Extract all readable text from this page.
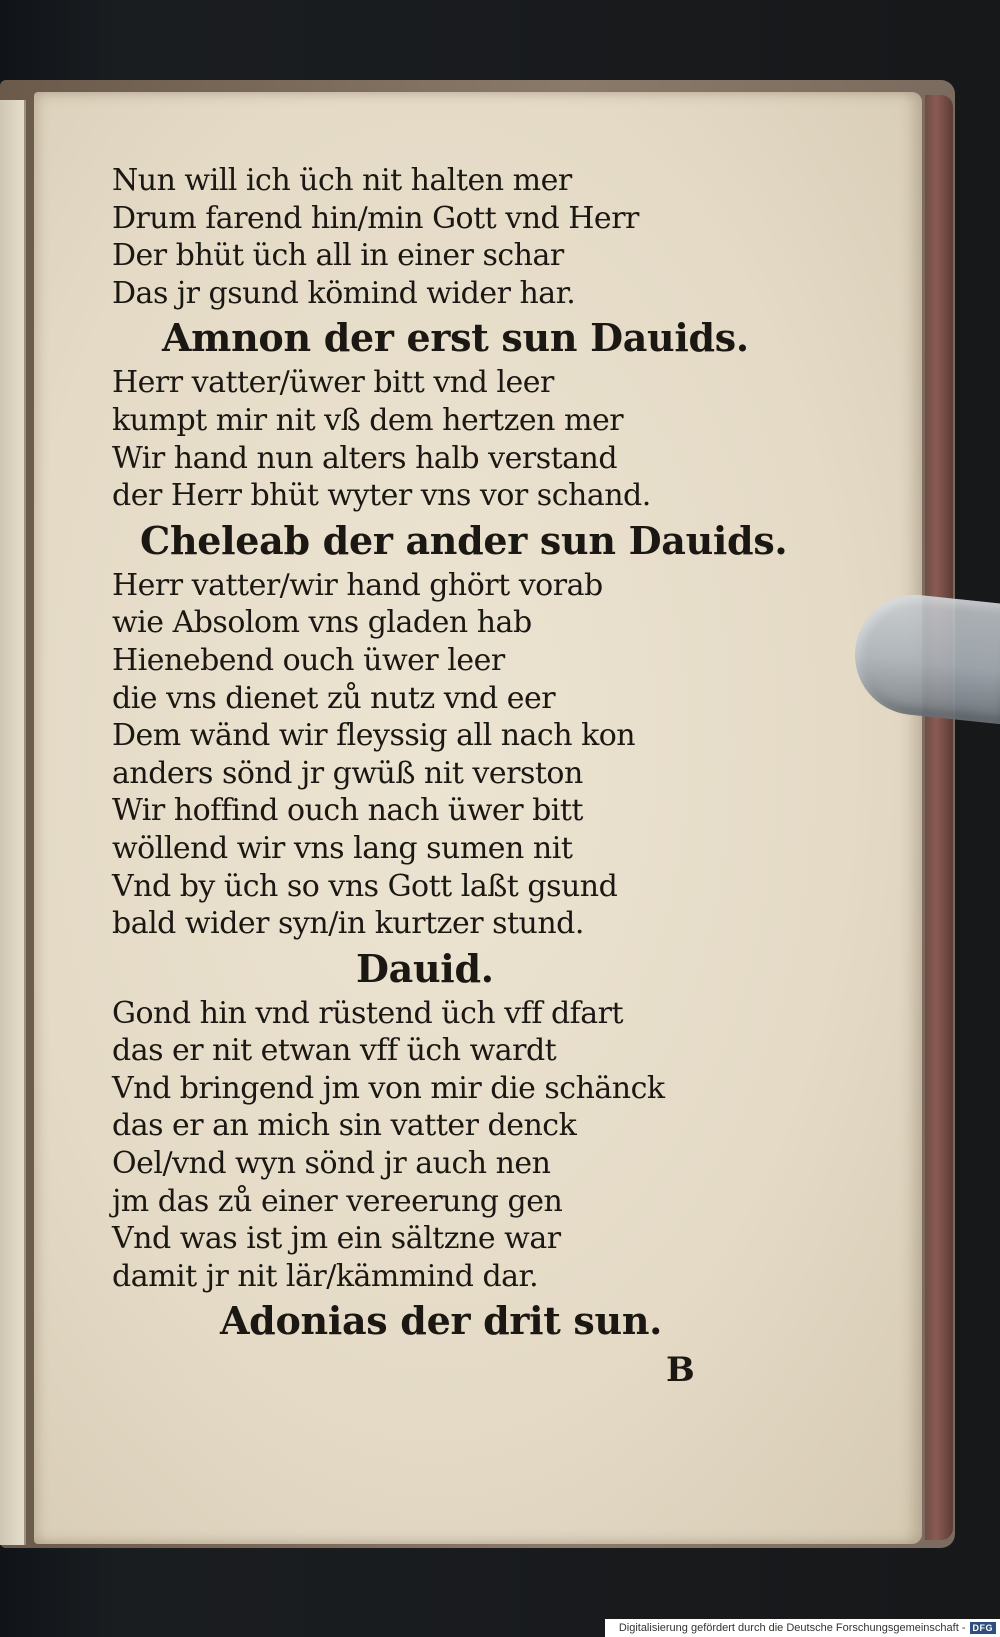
Nun will ich üch nit halten mer
Drum farend hin/min Gott vnd Herr
Der bhüt üch all in einer schar
Das jr gsund kömind wider har.
Amnon der erst sun Dauids.
Herr vatter/üwer bitt vnd leer
kumpt mir nit vß dem hertzen mer
Wir hand nun alters halb verstand
der Herr bhüt wyter vns vor schand.
Cheleab der ander sun Dauids.
Herr vatter/wir hand ghört vorab
wie Absolom vns gladen hab
Hienebend ouch üwer leer
die vns dienet zů nutz vnd eer
Dem wänd wir fleyssig all nach kon
anders sönd jr gwüß nit verston
Wir hoffind ouch nach üwer bitt
wöllend wir vns lang sumen nit
Vnd by üch so vns Gott laßt gsund
bald wider syn/in kurtzer stund.
Dauid.
Gond hin vnd rüstend üch vff dfart
das er nit etwan vff üch wardt
Vnd bringend jm von mir die schänck
das er an mich sin vatter denck
Oel/vnd wyn sönd jr auch nen
jm das zů einer vereerung gen
Vnd was ist jm ein sältzne war
damit jr nit lär/kämmind dar.
Adonias der drit sun.
B
Digitalisierung gefördert durch die Deutsche Forschungsgemeinschaft - DFG
